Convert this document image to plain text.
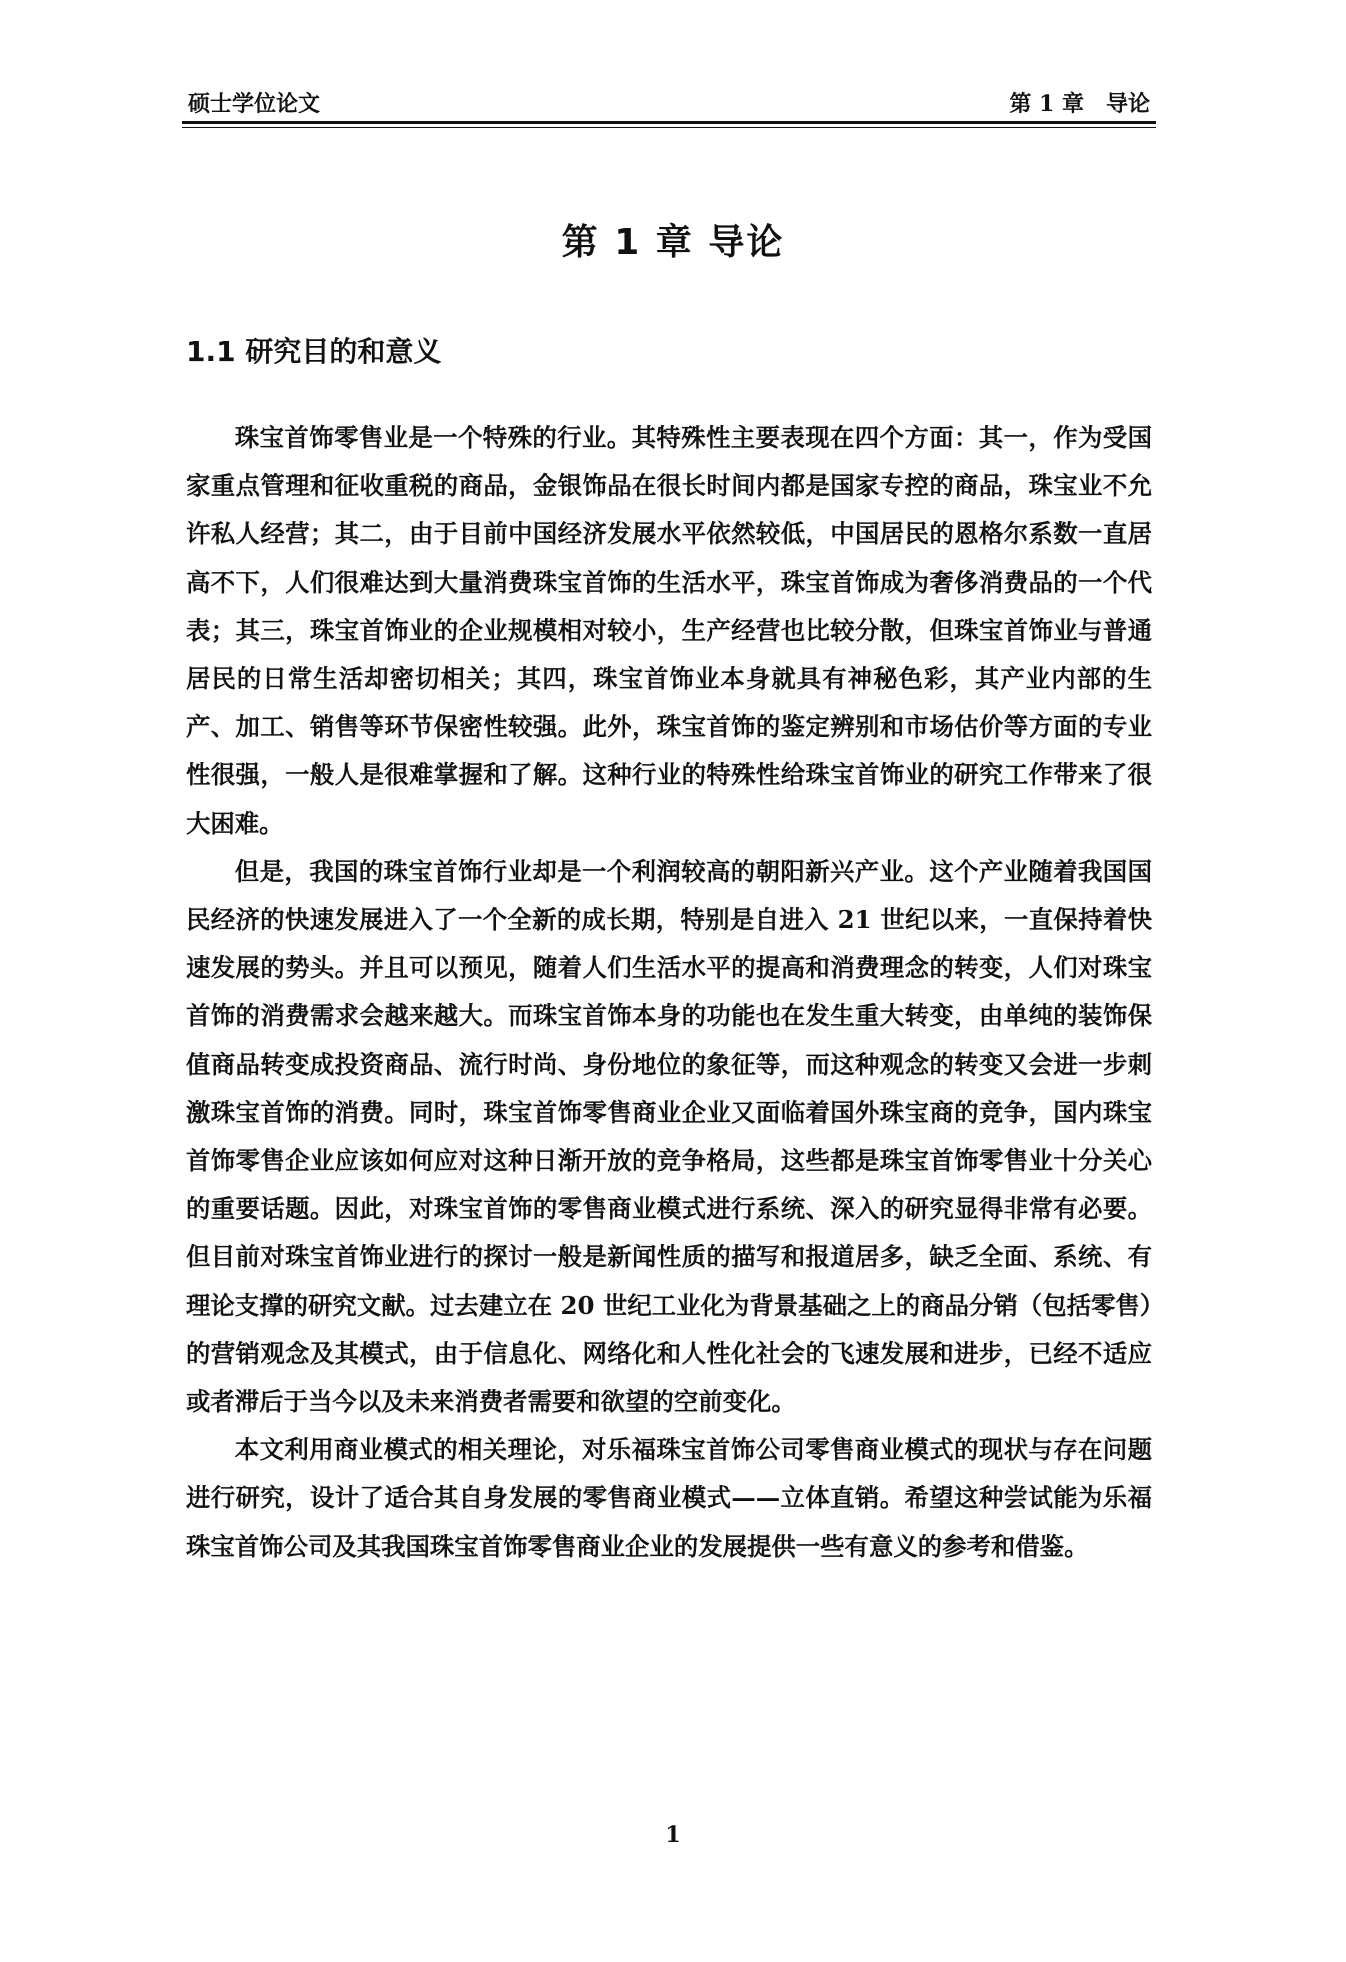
硕士学位论文	第 1 章　导论
第 1 章 导论
1.1 研究目的和意义

珠宝首饰零售业是一个特殊的行业。其特殊性主要表现在四个方面：其一，作为受国家重点管理和征收重税的商品，金银饰品在很长时间内都是国家专控的商品，珠宝业不允许私人经营；其二，由于目前中国经济发展水平依然较低，中国居民的恩格尔系数一直居高不下，人们很难达到大量消费珠宝首饰的生活水平，珠宝首饰成为奢侈消费品的一个代表；其三，珠宝首饰业的企业规模相对较小，生产经营也比较分散，但珠宝首饰业与普通居民的日常生活却密切相关；其四，珠宝首饰业本身就具有神秘色彩，其产业内部的生产、加工、销售等环节保密性较强。此外，珠宝首饰的鉴定辨别和市场估价等方面的专业性很强，一般人是很难掌握和了解。这种行业的特殊性给珠宝首饰业的研究工作带来了很大困难。

但是，我国的珠宝首饰行业却是一个利润较高的朝阳新兴产业。这个产业随着我国国民经济的快速发展进入了一个全新的成长期，特别是自进入 21 世纪以来，一直保持着快速发展的势头。并且可以预见，随着人们生活水平的提高和消费理念的转变，人们对珠宝首饰的消费需求会越来越大。而珠宝首饰本身的功能也在发生重大转变，由单纯的装饰保值商品转变成投资商品、流行时尚、身份地位的象征等，而这种观念的转变又会进一步刺激珠宝首饰的消费。同时，珠宝首饰零售商业企业又面临着国外珠宝商的竞争，国内珠宝首饰零售企业应该如何应对这种日渐开放的竞争格局，这些都是珠宝首饰零售业十分关心的重要话题。因此，对珠宝首饰的零售商业模式进行系统、深入的研究显得非常有必要。但目前对珠宝首饰业进行的探讨一般是新闻性质的描写和报道居多，缺乏全面、系统、有理论支撑的研究文献。过去建立在 20 世纪工业化为背景基础之上的商品分销（包括零售）的营销观念及其模式，由于信息化、网络化和人性化社会的飞速发展和进步，已经不适应或者滞后于当今以及未来消费者需要和欲望的空前变化。

本文利用商业模式的相关理论，对乐福珠宝首饰公司零售商业模式的现状与存在问题进行研究，设计了适合其自身发展的零售商业模式——立体直销。希望这种尝试能为乐福珠宝首饰公司及其我国珠宝首饰零售商业企业的发展提供一些有意义的参考和借鉴。

1
